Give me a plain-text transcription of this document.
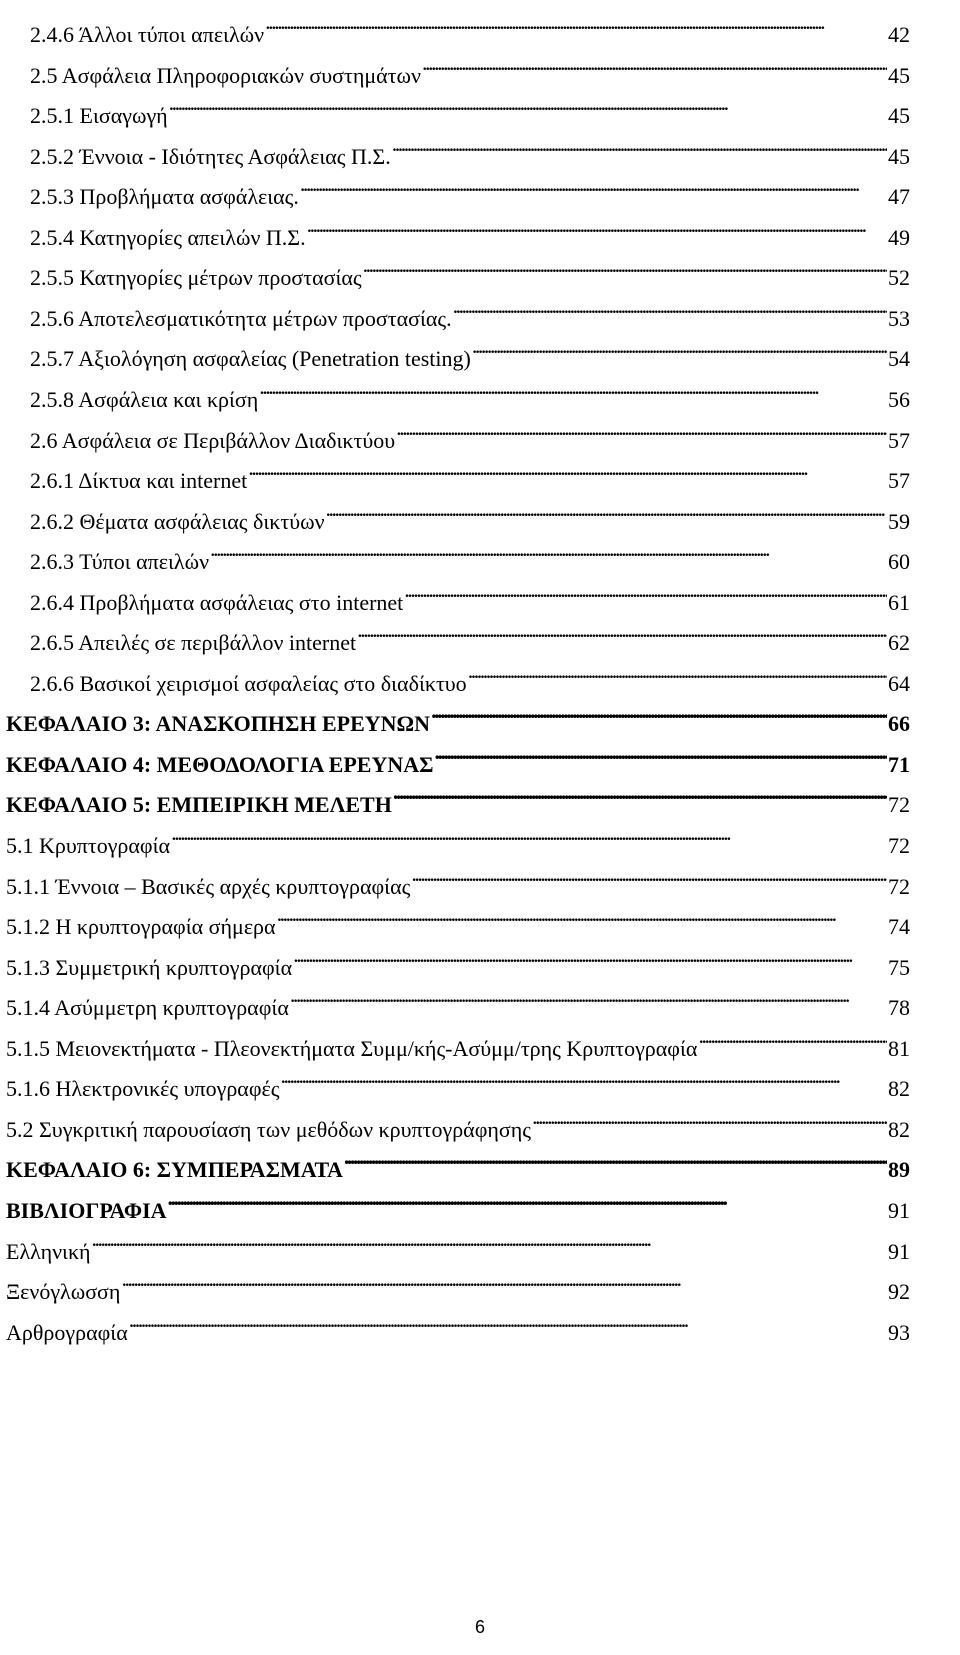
2.4.6 Άλλοι τύποι απειλών . . .	42
2.5 Ασφάλεια Πληροφοριακών συστημάτων . . .	45
2.5.1 Εισαγωγή . . .	45
2.5.2 Έννοια - Ιδιότητες Ασφάλειας Π.Σ. . . .	45
2.5.3 Προβλήματα ασφάλειας. . . .	47
2.5.4 Κατηγορίες απειλών Π.Σ. . . .	49
2.5.5 Κατηγορίες μέτρων προστασίας . . .	52
2.5.6 Αποτελεσματικότητα μέτρων προστασίας. . . .	53
2.5.7 Αξιολόγηση ασφαλείας (Penetration testing) . . .	54
2.5.8 Ασφάλεια και κρίση . . .	56
2.6 Ασφάλεια σε Περιβάλλον Διαδικτύου . . .	57
2.6.1 Δίκτυα και internet . . .	57
2.6.2 Θέματα ασφάλειας δικτύων . . .	59
2.6.3 Τύποι απειλών . . .	60
2.6.4 Προβλήματα ασφάλειας στο internet . . .	61
2.6.5 Απειλές σε περιβάλλον internet . . .	62
2.6.6 Βασικοί χειρισμοί ασφαλείας στο διαδίκτυο . . .	64
ΚΕΦΑΛΑΙΟ 3: ΑΝΑΣΚΟΠΗΣΗ ΕΡΕΥΝΩΝ . . .	66
ΚΕΦΑΛΑΙΟ 4: ΜΕΘΟΔΟΛΟΓΙΑ ΕΡΕΥΝΑΣ . . .	71
ΚΕΦΑΛΑΙΟ 5: ΕΜΠΕΙΡΙΚΗ ΜΕΛΕΤΗ . . .	72
5.1 Κρυπτογραφία . . .	72
5.1.1 Έννοια – Βασικές αρχές κρυπτογραφίας . . .	72
5.1.2 Η κρυπτογραφία σήμερα . . .	74
5.1.3 Συμμετρική κρυπτογραφία . . .	75
5.1.4 Ασύμμετρη κρυπτογραφία . . .	78
5.1.5 Μειονεκτήματα - Πλεονεκτήματα Συμμ/κής-Ασύμμ/τρης Κρυπτογραφία . . .	81
5.1.6 Ηλεκτρονικές υπογραφές . . .	82
5.2 Συγκριτική παρουσίαση των μεθόδων κρυπτογράφησης . . .	82
ΚΕΦΑΛΑΙΟ 6: ΣΥΜΠΕΡΑΣΜΑΤΑ . . .	89
ΒΙΒΛΙΟΓΡΑΦΙΑ . . .	91
Ελληνική . . .	91
Ξενόγλωσση . . .	92
Αρθρογραφία . . .	93
6
